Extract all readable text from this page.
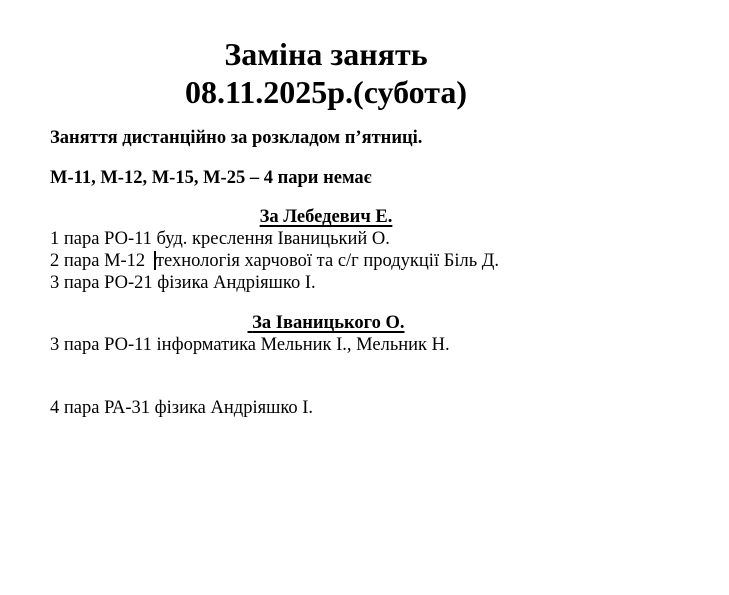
Заміна занять
08.11.2025р.(субота)

Заняття дистанційно за розкладом п’ятниці.

М-11, М-12, М-15, М-25 – 4 пари немає

За Лебедевич Е.

1 пара РО-11 буд. креслення Іваницький О.

2 пара М-12  технологія харчової та с/г продукції Біль Д.

3 пара РО-21 фізика Андріяшко І.

За Іваницького О.

3 пара РО-11 інформатика Мельник І., Мельник Н.

4 пара РА-31 фізика Андріяшко І.
